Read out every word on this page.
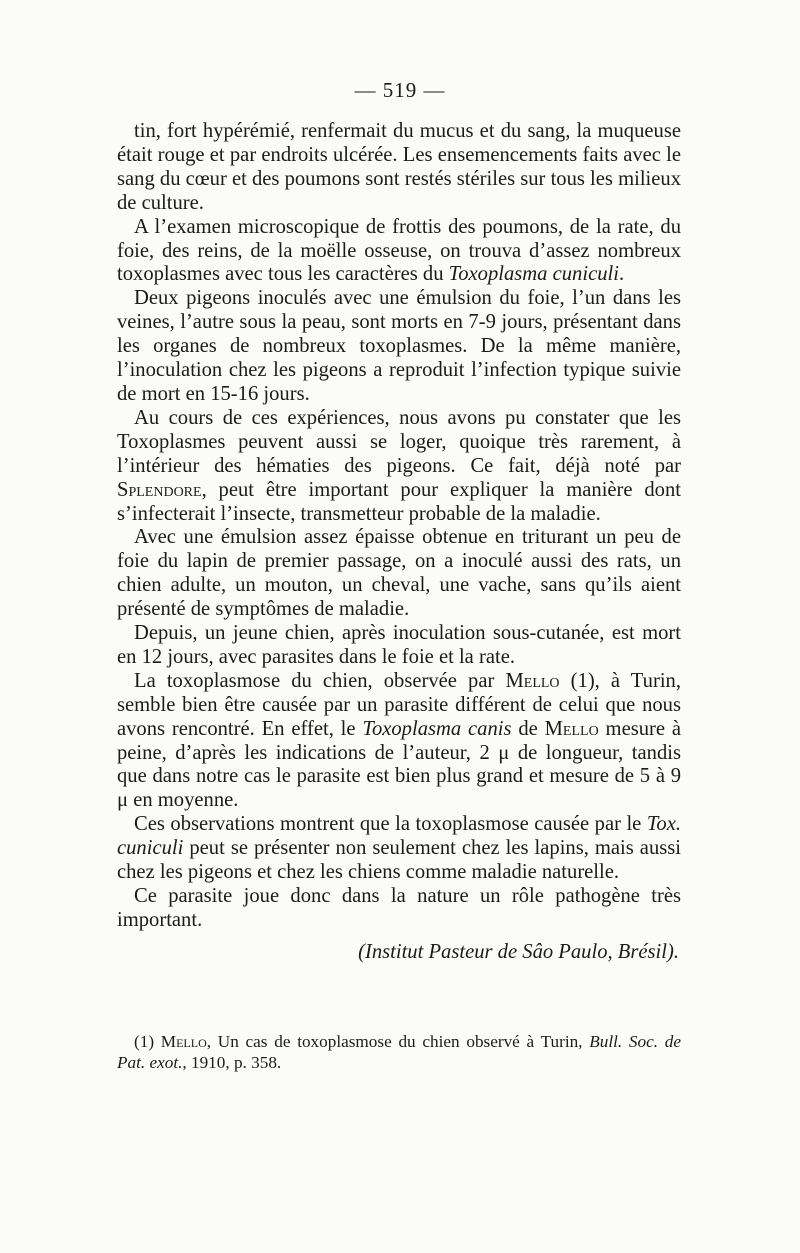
— 519 —

tin, fort hypérémié, renfermait du mucus et du sang, la muqueuse était rouge et par endroits ulcérée. Les ensemencements faits avec le sang du cœur et des poumons sont restés stériles sur tous les milieux de culture.

A l’examen microscopique de frottis des poumons, de la rate, du foie, des reins, de la moëlle osseuse, on trouva d’assez nombreux toxoplasmes avec tous les caractères du Toxoplasma cuniculi.

Deux pigeons inoculés avec une émulsion du foie, l’un dans les veines, l’autre sous la peau, sont morts en 7-9 jours, présentant dans les organes de nombreux toxoplasmes. De la même manière, l’inoculation chez les pigeons a reproduit l’infection typique suivie de mort en 15-16 jours.

Au cours de ces expériences, nous avons pu constater que les Toxoplasmes peuvent aussi se loger, quoique très rarement, à l’intérieur des hématies des pigeons. Ce fait, déjà noté par Splendore, peut être important pour expliquer la manière dont s’infecterait l’insecte, transmetteur probable de la maladie.

Avec une émulsion assez épaisse obtenue en triturant un peu de foie du lapin de premier passage, on a inoculé aussi des rats, un chien adulte, un mouton, un cheval, une vache, sans qu’ils aient présenté de symptômes de maladie.

Depuis, un jeune chien, après inoculation sous-cutanée, est mort en 12 jours, avec parasites dans le foie et la rate.

La toxoplasmose du chien, observée par Mello (1), à Turin, semble bien être causée par un parasite différent de celui que nous avons rencontré. En effet, le Toxoplasma canis de Mello mesure à peine, d’après les indications de l’auteur, 2 μ de longueur, tandis que dans notre cas le parasite est bien plus grand et mesure de 5 à 9 μ en moyenne.

Ces observations montrent que la toxoplasmose causée par le Tox. cuniculi peut se présenter non seulement chez les lapins, mais aussi chez les pigeons et chez les chiens comme maladie naturelle.

Ce parasite joue donc dans la nature un rôle pathogène très important.

(Institut Pasteur de Sâo Paulo, Brésil).

(1) Mello, Un cas de toxoplasmose du chien observé à Turin, Bull. Soc. de Pat. exot., 1910, p. 358.
